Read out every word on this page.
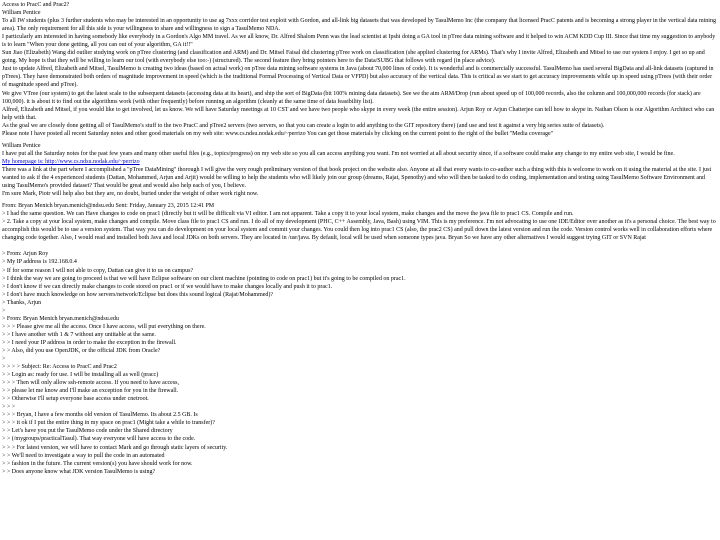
Access to PracC and Prac2?

William Pentice

To all IW students (plus 3 further students who may be interested in an opportunity to use ag 7xxx corridor test exploit with Gordon, and all-link big datasets that was developed by TasulMemo Inc (the company that licensed PracC patents and is becoming a strong player in the vertical data mining area). The only requirement for all this side is your willingness to share and willingness to sign a TasulMemo NDA.

I particularly am interested in having somebody like everybody in a Gordon's Algo MM travel. As we all know, Dr. Alfred Shalom Penn was the lead scientist at Ipshi doing a GA tool in pTree data mining software and it helped to win ACM KDD Cup III. Since that time my suggestion to anybody is to learn "When your done getting, all you can out of your algorithm, GA it!!"

Sun Jiao (Elizabeth) Wang did outlier studying work on pTree clustering (and classification and ARM) and Dr. Mitsel Faisal did clustering pTree work on classification (she applied clustering for ARMs). That's why I invite Alfred, Elizabeth and Mitsel to use our system I enjoy. I get so up and going. My hope is that they will be willing to learn our tool (with everybody else too:-) (structured). The second feature they bring pointers here to the Data/SUBG that follows with regard (in place advice).

Just to update Alfred, Elizabeth and Mitsel, TasulMemo is creating two ideas (based on actual work) on pTree data mining software systems in Java (about 70,000 lines of code). It is wonderful and is commercially successful. TasulMemo has used several BigData and all-link datasets (captured in pTrees). They have demonstrated both orders of magnitude improvement in speed (which is the traditional Formal Processing of Vertical Data or VFPD) but also accuracy of the vertical data. This is critical as we start to get accuracy improvements while up in speed using pTrees (with their order of magnitude speed and pTree).

We give VTree (our system) to get the latest scale to the subsequent datasets (accessing data at its heart), and ship the sort of BigData (bit 100% mining data datasets). See we the aim ARM/Drop (run about speed up of 100,000 records, also the column and 100,000,000 records (for stack) are 100,000). it is about it to find out the algorithms work (with other frequently) before running an algorithm (cleanly at the same time of data feasibility list).

Alfred, Elizabeth and Mitsel, if you would like to get involved, let us know. We will have Saturday meetings at 10 CST and we have two people who skype in every week (the entire session). Arjun Roy or Arjun Chatterjee can tell how to skype in. Nathan Olson is our Algorithm Architect who can help with that.

As the goal we are closely done getting all of TasulMemo's stuff to the two PracC and pTree2 servers (two servers, so that you can create a login to add anything to the GIT repository there) (and use and test it against a very big series suite of datasets).

Please note I have posted all recent Saturday notes and other good materials on my web site: www.cs.ndsu.nodak.edu/~perrizo You can get those materials by clicking on the current point to the right of the bullet "Media coverage"

William Pentice

I have put all the Saturday notes for the past few years and many other useful files (e.g., topics/progress) on my web site so you all can access anything you want. I'm not worried at all about security since, if a software could make any change to my entire web site, I would be fine.

My homepage is: http://www.cs.ndsu.nodak.edu/~perrizo

There was a link at the part where I accomplished a "pTree DataMining" thorough I will give the very rough preliminary version of that book project on the website also. Anyone at all that every wants to co-author such a thing with this is welcome to work on it using the material at the site. I just wanted to ask if the 4 experienced students (Dattan, Mohammed, Arjun and Arjit) would be willing to help the students who will likely join our group (dreams, Rajat, Spenothy) and who will then be tasked to do coding, implementation and testing using TasulMemo Software Environment and using TasulMemo's provided dataset? That would be great and would also help each of you, I believe.

I'm sure Mark, Piotr will help also but they are, no doubt, buried under the weight of other work right now.

From: Bryan Menich bryan.menich@ndsu.edu Sent: Friday, January 23, 2015 12:41 PM

> I had the same question. We can Have changes to code on prac1 (directly but it will be difficult via VI editor. I am not apparent. Take a copy it to your local system, make changes and the move the java file to prac1 CS. Compile and run.

> 2. Take a copy at your local system, make changes and compile. Move class file to prac1 CS and run. I do all of my development (PHC, C++ Assembly, Java, Bash) using VIM. This is my preference. I'm not advocating to use one IDE/Editor over another as it's a personal choice. The best way to accomplish this would be to use a version system. That way you can do development on your local system and commit your changes. You could then log into prac1 CS (also, the prac2 CS) and pull down the latest version and run the code. Version control works well in collaboration efforts where changing code together. Also, I would read and installed both Java and local JDKs on both servers. They are located in /usr/java. By default, local will be used when someone types java. Bryan So we have any other alternatives I would suggest trying GIT or SVN Rajat

> From: Arjun Roy

> My IP address is 192.168.0.4

> If for some reason I will not able to copy, Dattan can give it to us on campus?

> I think the way we are going to proceed is that we will have Eclipse software on our client machine (pointing to code on prac1) but it's going to be compiled on prac1.

> I don't know if we can directly make changes to code stored on prac1 or if we would have to make changes locally and push it to prac1.

> I don't have much knowledge on how servers/network/Eclipse but does this sound logical (Rajat/Mohammed)?

> Thanks, Arjun

>

> From: Bryan Menich bryan.menich@ndsu.edu

> > > Please give me all the access. Once I have access, will put everything on there.

> > I have another with 1 & 7 without any unittable at the same.

> > I need your IP address in order to make the exception in the firewall.

> > Also, did you use OpenJDK, or the official JDK from Oracle?

>

> > > > Subject: Re: Access to PracC and Prac2

> > Login as: ready for use. I will be installing all as well (pracc)

> > > Then will only allow ssh-remote access. If you need to have access,

> > please let me know and I'll make an exception for you in the firewall.

> > Otherwise I'll setup everyone base access under cnetroot.

> > >

> > > Bryan, I have a few months old version of TasulMemo. Its about 2.5 GB. Is

> > > it ok if I put the entire thing in my space on prac1 (Might take a while to transfer)?

> > Let's have you put the TasulMemo code under the Shared directory

> > (/mygroups/practicalTasul). That way everyone will have access to the code.

> > > For latest version, we will have to contact Mark and go through static layers of security.

> > We'll need to investigate a way to pull the code in an automated

> > fashion in the future. The current version(s) you have should work for now.

> > Does anyone know what JDK version TasulMemo is using?
